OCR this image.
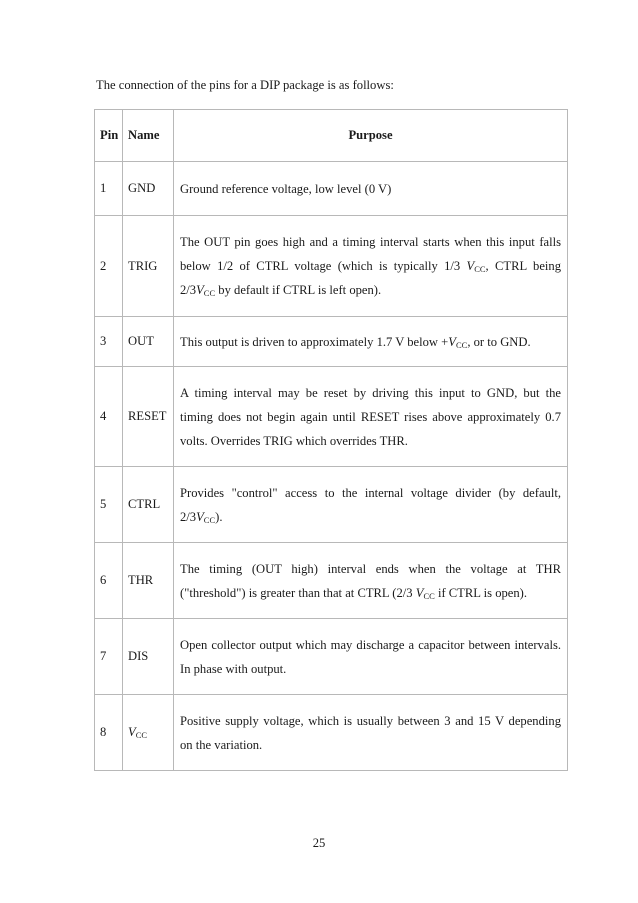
The connection of the pins for a DIP package is as follows:
Pin	Name	Purpose
1	GND	Ground reference voltage, low level (0 V)

2	TRIG	The OUT pin goes high and a timing interval starts when this input falls
below 1/2 of CTRL voltage (which is typically 1/3 $V_{CC}$, CTRL being
$2/3V_{CC}$ by default if CTRL is left open).

3	OUT	This output is driven to approximately 1.7 V below $+V_{CC}$, or to GND.

4	RESET	A timing interval may be reset by driving this input to GND, but the
timing does not begin again until RESET rises above approximately 0.7
volts. Overrides TRIG which overrides THR.

5	CTRL	Provides "control" access to the internal voltage divider (by default,
$2/3V_{CC}$).

6	THR	The timing (OUT high) interval ends when the voltage at THR
("threshold") is greater than that at CTRL (2/3 $V_{CC}$ if CTRL is open).

7	DIS	Open collector output which may discharge a capacitor between intervals.
In phase with output.

8	$V_{CC}$	Positive supply voltage, which is usually between 3 and 15 V depending
on the variation.
25
